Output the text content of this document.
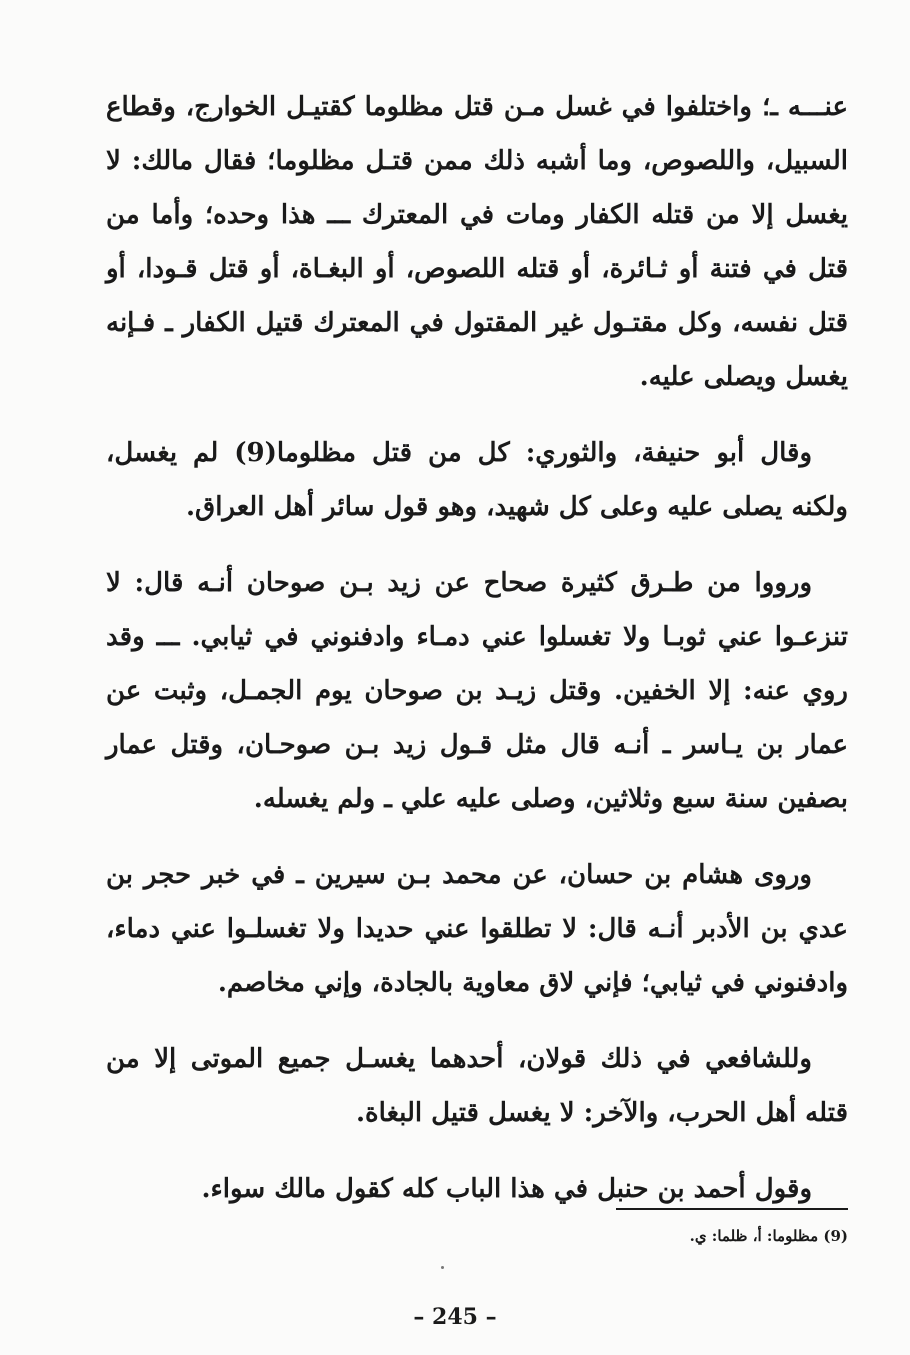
عنـــه ـ؛ واختلفوا في غسل مـن قتل مظلوما كقتيـل الخوارج، وقطاع السبيل، واللصوص، وما أشبه ذلك ممن قتـل مظلوما؛ فقال مالك: لا يغسل إلا من قتله الكفار ومات في المعترك ـــ هذا وحده؛ وأما من قتل في فتنة أو ثـائرة، أو قتله اللصوص، أو البغـاة، أو قتل قـودا، أو قتل نفسه، وكل مقتـول غير المقتول في المعترك قتيل الكفار ـ فـإنه يغسل ويصلى عليه.

وقال أبو حنيفة، والثوري: كل من قتل مظلوما(9) لم يغسل، ولكنه يصلى عليه وعلى كل شهيد، وهو قول سائر أهل العراق.

ورووا من طـرق كثيرة صحاح عن زيد بـن صوحان أنـه قال: لا تنزعـوا عني ثوبـا ولا تغسلوا عني دمـاء وادفنوني في ثيابي. ـــ وقد روي عنه: إلا الخفين. وقتل زيـد بن صوحان يوم الجمـل، وثبت عن عمار بن يـاسر ـ أنـه قال مثل قـول زيد بـن صوحـان، وقتل عمار بصفين سنة سبع وثلاثين، وصلى عليه علي ـ ولم يغسله.

وروى هشام بن حسان، عن محمد بـن سيرين ـ في خبر حجر بن عدي بن الأدبر أنـه قال: لا تطلقوا عني حديدا ولا تغسلـوا عني دماء، وادفنوني في ثيابي؛ فإني لاق معاوية بالجادة، وإني مخاصم.

وللشافعي في ذلك قولان، أحدهما يغسـل جميع الموتى إلا من قتله أهل الحرب، والآخر: لا يغسل قتيل البغاة.

وقول أحمد بن حنبل في هذا الباب كله كقول مالك سواء.

(9) مظلوما: أ، ظلما: ي.
– 245 –
